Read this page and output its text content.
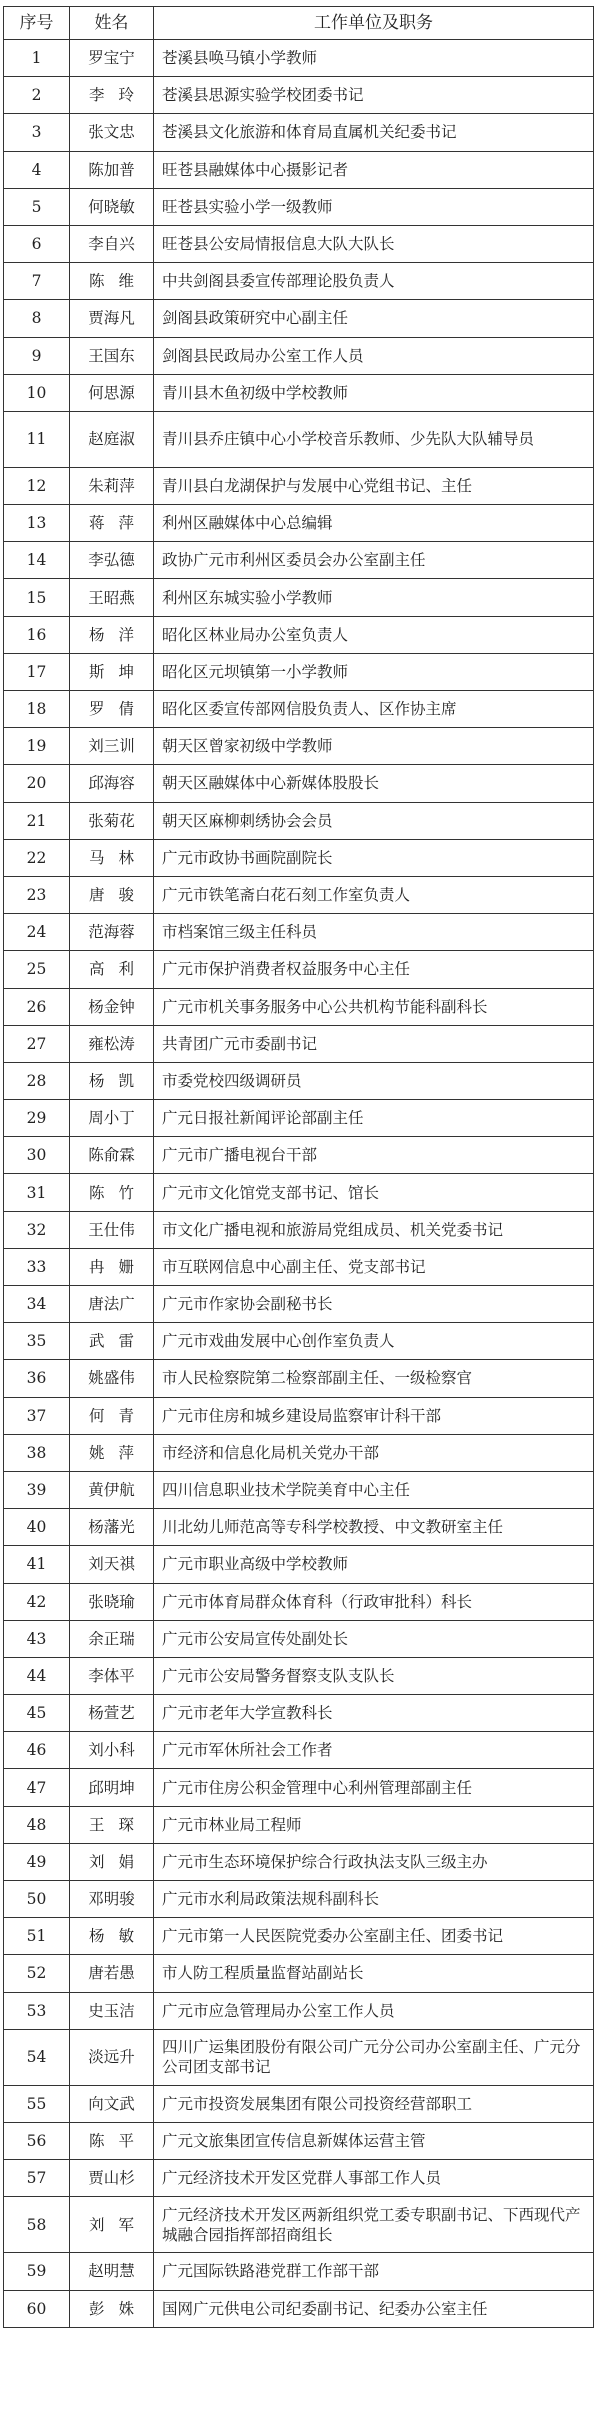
序号	姓名	工作单位及职务
1	罗宝宁	苍溪县唤马镇小学教师
2	李玲	苍溪县思源实验学校团委书记
3	张文忠	苍溪县文化旅游和体育局直属机关纪委书记
4	陈加普	旺苍县融媒体中心摄影记者
5	何晓敏	旺苍县实验小学一级教师
6	李自兴	旺苍县公安局情报信息大队大队长
7	陈维	中共剑阁县委宣传部理论股负责人
8	贾海凡	剑阁县政策研究中心副主任
9	王国东	剑阁县民政局办公室工作人员
10	何思源	青川县木鱼初级中学校教师
11	赵庭淑	青川县乔庄镇中心小学校音乐教师、少先队大队辅导员
12	朱莉萍	青川县白龙湖保护与发展中心党组书记、主任
13	蒋萍	利州区融媒体中心总编辑
14	李弘德	政协广元市利州区委员会办公室副主任
15	王昭燕	利州区东城实验小学教师
16	杨洋	昭化区林业局办公室负责人
17	斯坤	昭化区元坝镇第一小学教师
18	罗倩	昭化区委宣传部网信股负责人、区作协主席
19	刘三训	朝天区曾家初级中学教师
20	邱海容	朝天区融媒体中心新媒体股股长
21	张菊花	朝天区麻柳刺绣协会会员
22	马林	广元市政协书画院副院长
23	唐骏	广元市铁笔斋白花石刻工作室负责人
24	范海蓉	市档案馆三级主任科员
25	高利	广元市保护消费者权益服务中心主任
26	杨金钟	广元市机关事务服务中心公共机构节能科副科长
27	雍松涛	共青团广元市委副书记
28	杨凯	市委党校四级调研员
29	周小丁	广元日报社新闻评论部副主任
30	陈俞霖	广元市广播电视台干部
31	陈竹	广元市文化馆党支部书记、馆长
32	王仕伟	市文化广播电视和旅游局党组成员、机关党委书记
33	冉姗	市互联网信息中心副主任、党支部书记
34	唐法广	广元市作家协会副秘书长
35	武雷	广元市戏曲发展中心创作室负责人
36	姚盛伟	市人民检察院第二检察部副主任、一级检察官
37	何青	广元市住房和城乡建设局监察审计科干部
38	姚萍	市经济和信息化局机关党办干部
39	黄伊航	四川信息职业技术学院美育中心主任
40	杨藩光	川北幼儿师范高等专科学校教授、中文教研室主任
41	刘天祺	广元市职业高级中学校教师
42	张晓瑜	广元市体育局群众体育科（行政审批科）科长
43	余正瑞	广元市公安局宣传处副处长
44	李体平	广元市公安局警务督察支队支队长
45	杨萱艺	广元市老年大学宣教科长
46	刘小科	广元市军休所社会工作者
47	邱明坤	广元市住房公积金管理中心利州管理部副主任
48	王琛	广元市林业局工程师
49	刘娟	广元市生态环境保护综合行政执法支队三级主办
50	邓明骏	广元市水利局政策法规科副科长
51	杨敏	广元市第一人民医院党委办公室副主任、团委书记
52	唐若愚	市人防工程质量监督站副站长
53	史玉洁	广元市应急管理局办公室工作人员
54	淡远升	四川广运集团股份有限公司广元分公司办公室副主任、广元分公司团支部书记
55	向文武	广元市投资发展集团有限公司投资经营部职工
56	陈平	广元文旅集团宣传信息新媒体运营主管
57	贾山杉	广元经济技术开发区党群人事部工作人员
58	刘军	广元经济技术开发区两新组织党工委专职副书记、下西现代产城融合园指挥部招商组长
59	赵明慧	广元国际铁路港党群工作部干部
60	彭姝	国网广元供电公司纪委副书记、纪委办公室主任
